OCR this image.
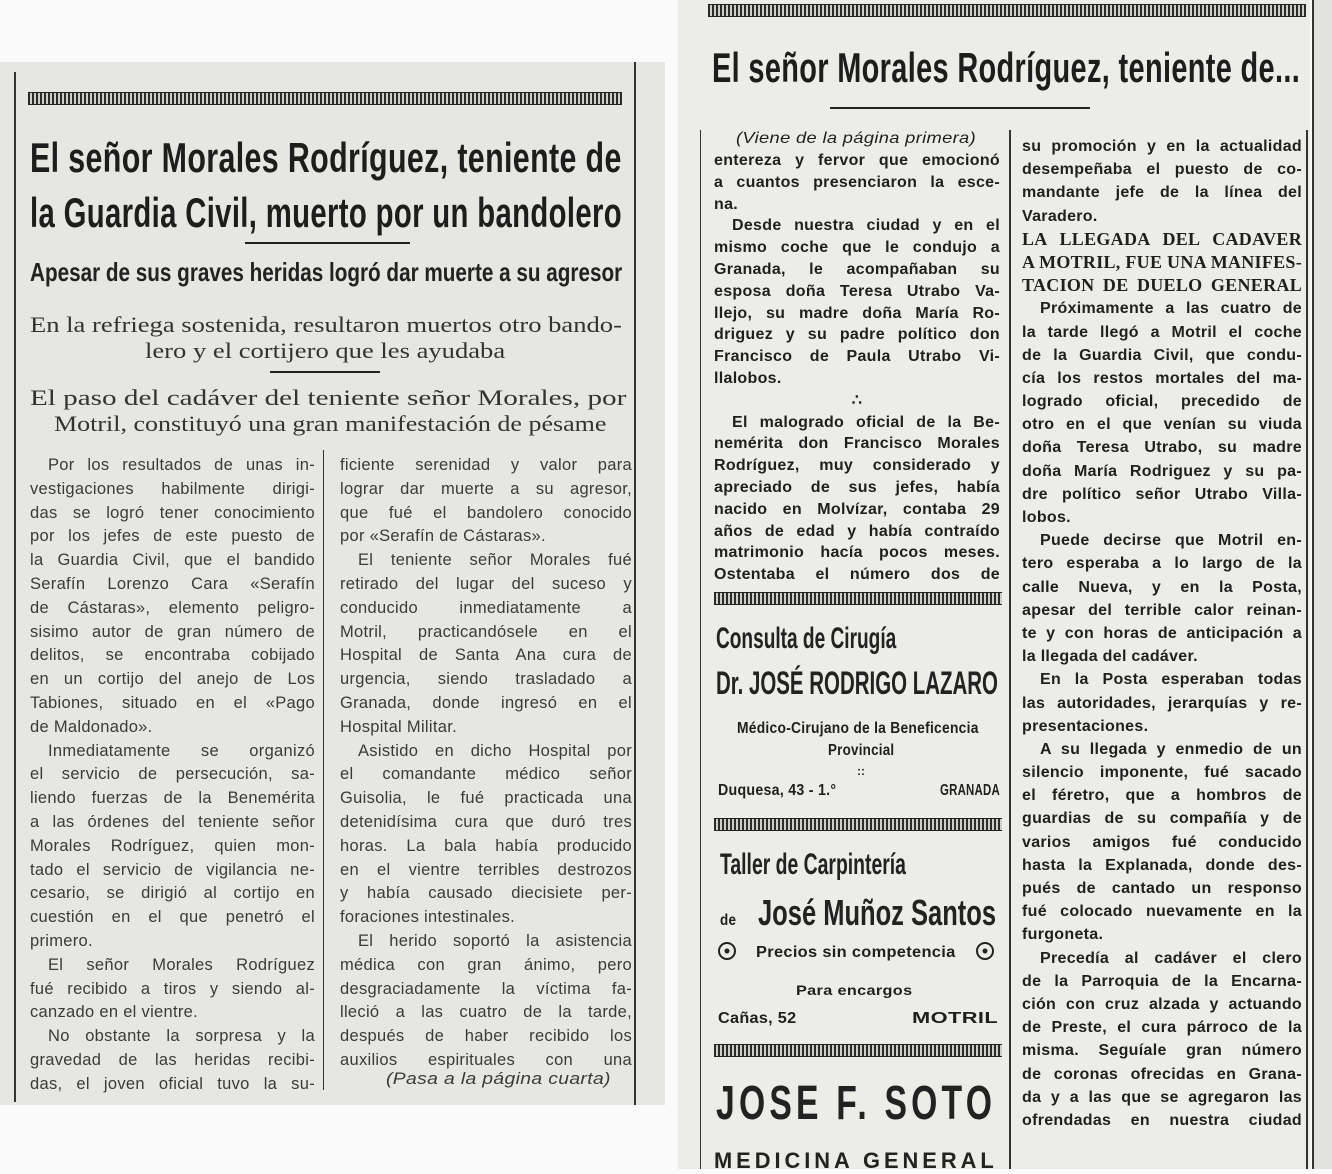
El señor Morales Rodríguez, teniente de
la Guardia Civil, muerto por un bandolero
Apesar de sus graves heridas logró dar muerte a su agresor
En la refriega sostenida, resultaron muertos otro bando-
lero y el cortijero que les ayudaba
El paso del cadáver del teniente señor Morales, por
Motril, constituyó una gran manifestación de pésame
Por los resultados de unas in-
vestigaciones habilmente dirigi-
das se logró tener conocimiento
por los jefes de este puesto de
la Guardia Civil, que el bandido
Serafín Lorenzo Cara «Serafín
de Cástaras», elemento peligro-
sisimo autor de gran número de
delitos, se encontraba cobijado
en un cortijo del anejo de Los
Tabiones, situado en el «Pago
de Maldonado».
Inmediatamente se organizó
el servicio de persecución, sa-
liendo fuerzas de la Benemérita
a las órdenes del teniente señor
Morales Rodríguez, quien mon-
tado el servicio de vigilancia ne-
cesario, se dirigió al cortijo en
cuestión en el que penetró el
primero.
El señor Morales Rodríguez
fué recibido a tiros y siendo al-
canzado en el vientre.
No obstante la sorpresa y la
gravedad de las heridas recibi-
das, el joven oficial tuvo la su-
ficiente serenidad y valor para
lograr dar muerte a su agresor,
que fué el bandolero conocido
por «Serafín de Cástaras».
El teniente señor Morales fué
retirado del lugar del suceso y
conducido inmediatamente a
Motril, practicandósele en el
Hospital de Santa Ana cura de
urgencia, siendo trasladado a
Granada, donde ingresó en el
Hospital Militar.
Asistido en dicho Hospital por
el comandante médico señor
Guisolia, le fué practicada una
detenidísima cura que duró tres
horas. La bala había producido
en el vientre terribles destrozos
y había causado diecisiete per-
foraciones intestinales.
El herido soportó la asistencia
médica con gran ánimo, pero
desgraciadamente la víctima fa-
lleció a las cuatro de la tarde,
después de haber recibido los
auxilios espirituales con una
(Pasa a la página cuarta)
El señor Morales Rodríguez, teniente de...
(Viene de la página primera)
entereza y fervor que emocionó
a cuantos presenciaron la esce-
na.
Desde nuestra ciudad y en el
mismo coche que le condujo a
Granada, le acompañaban su
esposa doña Teresa Utrabo Va-
llejo, su madre doña María Ro-
driguez y su padre político don
Francisco de Paula Utrabo Vi-
llalobos.
∴
El malogrado oficial de la Be-
nemérita don Francisco Morales
Rodríguez, muy considerado y
apreciado de sus jefes, había
nacido en Molvízar, contaba 29
años de edad y había contraído
matrimonio hacía pocos meses.
Ostentaba el número dos de
su promoción y en la actualidad
desempeñaba el puesto de co-
mandante jefe de la línea del
Varadero.
LA LLEGADA DEL CADAVER
A MOTRIL, FUE UNA MANIFES-
TACION DE DUELO GENERAL
Próximamente a las cuatro de
la tarde llegó a Motril el coche
de la Guardia Civil, que condu-
cía los restos mortales del ma-
logrado oficial, precedido de
otro en el que venían su viuda
doña Teresa Utrabo, su madre
doña María Rodriguez y su pa-
dre político señor Utrabo Villa-
lobos.
Puede decirse que Motril en-
tero esperaba a lo largo de la
calle Nueva, y en la Posta,
apesar del terrible calor reinan-
te y con horas de anticipación a
la llegada del cadáver.
En la Posta esperaban todas
las autoridades, jerarquías y re-
presentaciones.
A su llegada y enmedio de un
silencio imponente, fué sacado
el féretro, que a hombros de
guardias de su compañía y de
varios amigos fué conducido
hasta la Explanada, donde des-
pués de cantado un responso
fué colocado nuevamente en la
furgoneta.
Precedía al cadáver el clero
de la Parroquia de la Encarna-
ción con cruz alzada y actuando
de Preste, el cura párroco de la
misma. Seguíale gran número
de coronas ofrecidas en Grana-
da y a las que se agregaron las
ofrendadas en nuestra ciudad
Consulta de Cirugía
Dr. JOSÉ RODRIGO LAZARO
Médico-Cirujano de la Beneficencia
Provincial
::
Duquesa, 43 - 1.°	GRANADA
Taller de Carpintería
de José Muñoz Santos
Precios sin competencia
Para encargos
Cañas, 52	MOTRIL
JOSE F. SOTO
MEDICINA GENERAL
